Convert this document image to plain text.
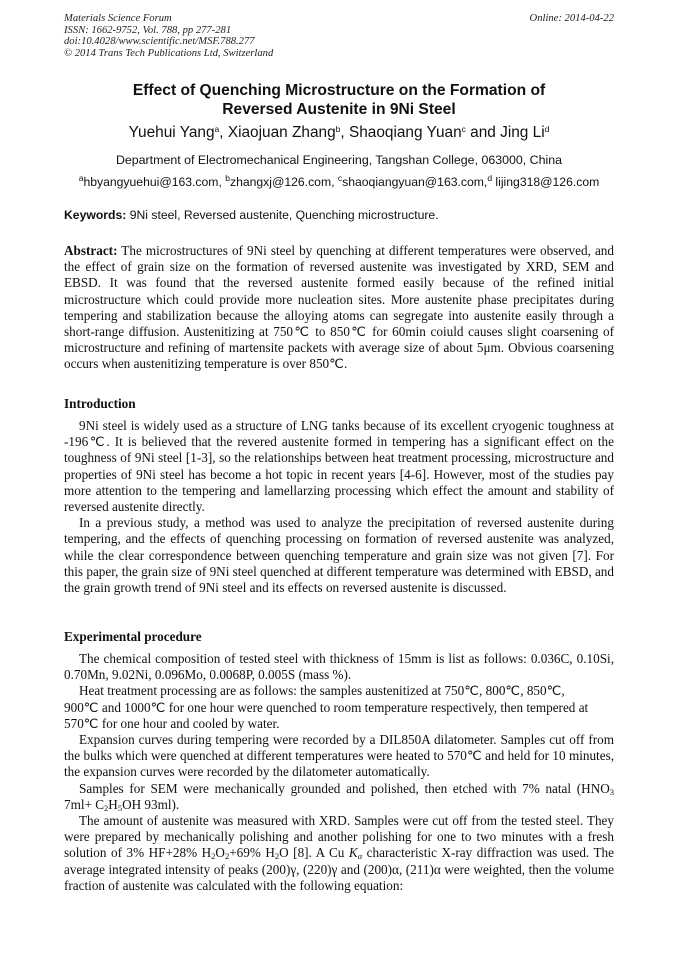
Materials Science Forum
ISSN: 1662-9752, Vol. 788, pp 277-281
doi:10.4028/www.scientific.net/MSF.788.277
© 2014 Trans Tech Publications Ltd, Switzerland
Online: 2014-04-22
Effect of Quenching Microstructure on the Formation of
Reversed Austenite in 9Ni Steel
Yuehui Yang$^a$, Xiaojuan Zhang$^b$, Shaoqiang Yuan$^c$ and Jing Li$^d$
Department of Electromechanical Engineering, Tangshan College, 063000, China
$^a$hbyangyuehui@163.com, $^b$zhangxj@126.com, $^c$shaoqiangyuan@163.com,$^d$ lijing318@126.com
Keywords: 9Ni steel, Reversed austenite, Quenching microstructure.
Abstract: The microstructures of 9Ni steel by quenching at different temperatures were observed, and the effect of grain size on the formation of reversed austenite was investigated by XRD, SEM and EBSD. It was found that the reversed austenite formed easily because of the refined initial microstructure which could provide more nucleation sites. More austenite phase precipitates during tempering and stabilization because the alloying atoms can segregate into austenite easily through a short-range diffusion. Austenitizing at 750℃ to 850℃ for 60min coiuld causes slight coarsening of microstructure and refining of martensite packets with average size of about 5μm. Obvious coarsening occurs when austenitizing temperature is over 850℃.
Introduction

9Ni steel is widely used as a structure of LNG tanks because of its excellent cryogenic toughness at -196℃. It is believed that the revered austenite formed in tempering has a significant effect on the toughness of 9Ni steel [1-3], so the relationships between heat treatment processing, microstructure and properties of 9Ni steel has become a hot topic in recent years [4-6]. However, most of the studies pay more attention to the tempering and lamellarzing processing which effect the amount and stability of reversed austenite directly.

In a previous study, a method was used to analyze the precipitation of reversed austenite during tempering, and the effects of quenching processing on formation of reversed austenite was analyzed, while the clear correspondence between quenching temperature and grain size was not given [7]. For this paper, the grain size of 9Ni steel quenched at different temperature was determined with EBSD, and the grain growth trend of 9Ni steel and its effects on reversed austenite is discussed.

Experimental procedure

The chemical composition of tested steel with thickness of 15mm is list as follows: 0.036C, 0.10Si, 0.70Mn, 9.02Ni, 0.096Mo, 0.0068P, 0.005S (mass %).

Heat treatment processing are as follows: the samples austenitized at 750℃, 800℃, 850℃,

900℃ and 1000℃ for one hour were quenched to room temperature respectively, then tempered at

570℃ for one hour and cooled by water.

Expansion curves during tempering were recorded by a DIL850A dilatometer. Samples cut off from the bulks which were quenched at different temperatures were heated to 570℃ and held for 10 minutes, the expansion curves were recorded by the dilatometer automatically.

Samples for SEM were mechanically grounded and polished, then etched with 7% natal ($HNO_3$ $7ml+ C_2H_5OH$ 93ml).

The amount of austenite was measured with XRD. Samples were cut off from the tested steel. They were prepared by mechanically polishing and another polishing for one to two minutes with a fresh solution of 3% HF+28% $H_2O_2+69\%$ $H_2O$ [8]. A Cu $K_\alpha$ characteristic X-ray diffraction was used. The average integrated intensity of peaks (200)γ, (220)γ and (200)α, (211)α were weighted, then the volume fraction of austenite was calculated with the following equation:
